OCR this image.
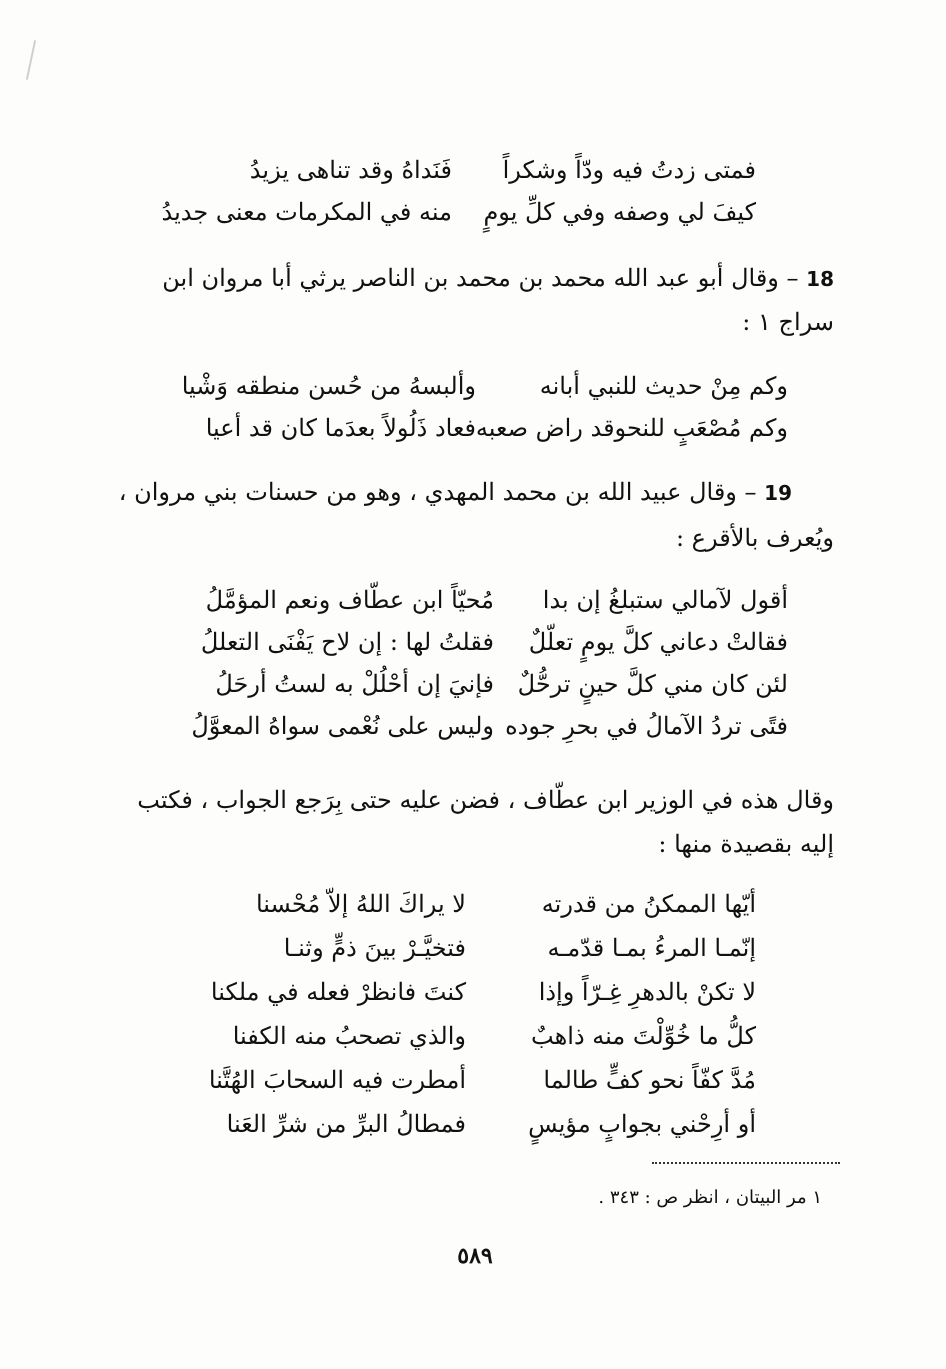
فمتى زدتُ فيه ودّاً وشكراً
فَنَداهُ وقد تناهى يزيدُ
كيفَ لي وصفه وفي كلِّ يومٍ
منه في المكرمات معنى جديدُ
18 – وقال أبو عبد الله محمد بن محمد بن الناصر يرثي أبا مروان ابن
سراج ١ :
وكم مِنْ حديث للنبي أبانه
وألبسهُ من حُسن منطقه وَشْيا
وكم مُصْعَبٍ للنحوقد راض صعبه
فعاد ذَلُولاً بعدَما كان قد أعيا
19 – وقال عبيد الله بن محمد المهدي ، وهو من حسنات بني مروان ،
ويُعرف بالأقرع :
أقول لآمالي ستبلغُ إن بدا
مُحيّاً ابن عطّاف ونعم المؤمَّلُ
فقالتْ دعاني كلَّ يومٍ تعلّلٌ
فقلتُ لها : إن لاح يَفْنَى التعللُ
لئن كان مني كلَّ حينٍ ترحُّلٌ
فإنيَ إن أحْلُلْ به لستُ أرحَلُ
فتًى تردُ الآمالُ في بحرِ جوده
وليس على نُعْمى سواهُ المعوَّلُ
وقال هذه في الوزير ابن عطّاف ، فضن عليه حتى بِرَجع الجواب ، فكتب
إليه بقصيدة منها :
أيّها الممكنُ من قدرته
لا يراكَ اللهُ إلاّ مُحْسنا
إنّمـا المرءُ بمـا قدّمـه
فتخيَّـرْ بينَ ذمٍّ وثنـا
لا تكنْ بالدهرِ غِـرّاً وإذا
كنتَ فانظرْ فعله في ملكنا
كلُّ ما خُوِّلْتَ منه ذاهبٌ
والذي تصحبُ منه الكفنا
مُدَّ كفّاً نحو كفٍّ طالما
أمطرت فيه السحابَ الهُتَّنا
أو أرِحْني بجوابٍ مؤيسٍ
فمطالُ البرِّ من شرِّ العَنا
١ مر البيتان ، انظر ص : ٣٤٣ .
٥٨٩
